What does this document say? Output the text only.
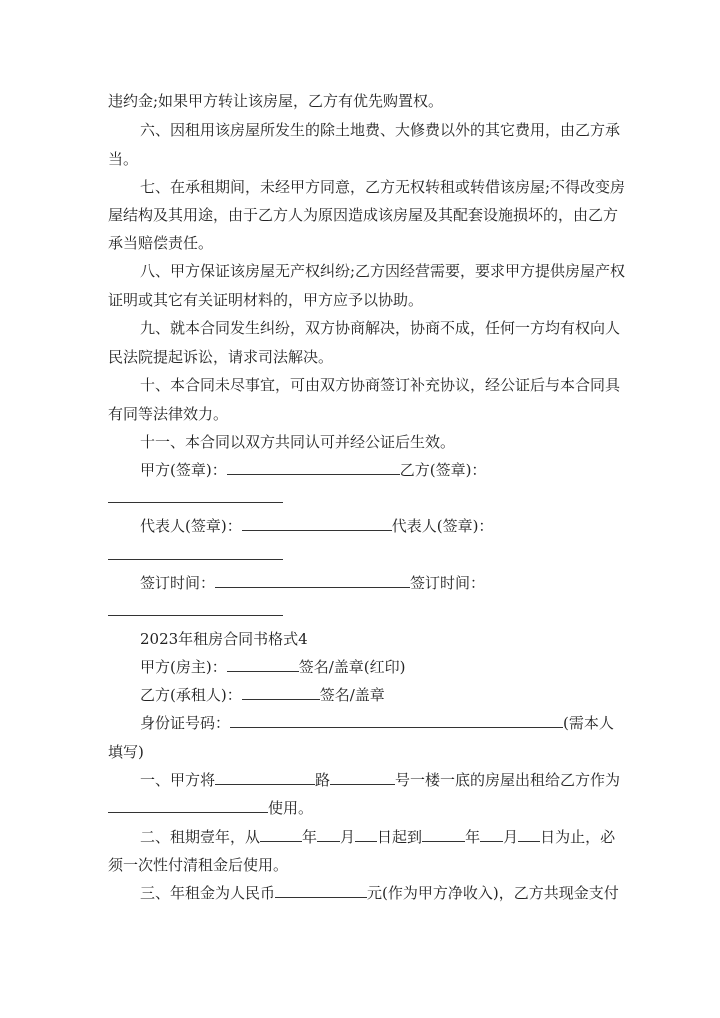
违约金;如果甲方转让该房屋，乙方有优先购置权。
六、因租用该房屋所发生的除土地费、大修费以外的其它费用，由乙方承
当。
七、在承租期间，未经甲方同意，乙方无权转租或转借该房屋;不得改变房
屋结构及其用途，由于乙方人为原因造成该房屋及其配套设施损坏的，由乙方
承当赔偿责任。
八、甲方保证该房屋无产权纠纷;乙方因经营需要，要求甲方提供房屋产权
证明或其它有关证明材料的，甲方应予以协助。
九、就本合同发生纠纷，双方协商解决，协商不成，任何一方均有权向人
民法院提起诉讼，请求司法解决。
十、本合同未尽事宜，可由双方协商签订补充协议，经公证后与本合同具
有同等法律效力。
十一、本合同以双方共同认可并经公证后生效。
甲方(签章)：	乙方(签章)：
代表人(签章)：	代表人(签章)：
签订时间：	签订时间：
2023年租房合同书格式4
甲方(房主)：	签名/盖章(红印)
乙方(承租人)：	签名/盖章
身份证号码：	(需本人
填写)
一、甲方将	路	号一楼一底的房屋出租给乙方作为
使用。
二、租期壹年，从	年 月 日起到	年 月 日为止，必
须一次性付清租金后使用。
三、年租金为人民币	元(作为甲方净收入)，乙方共现金支付
